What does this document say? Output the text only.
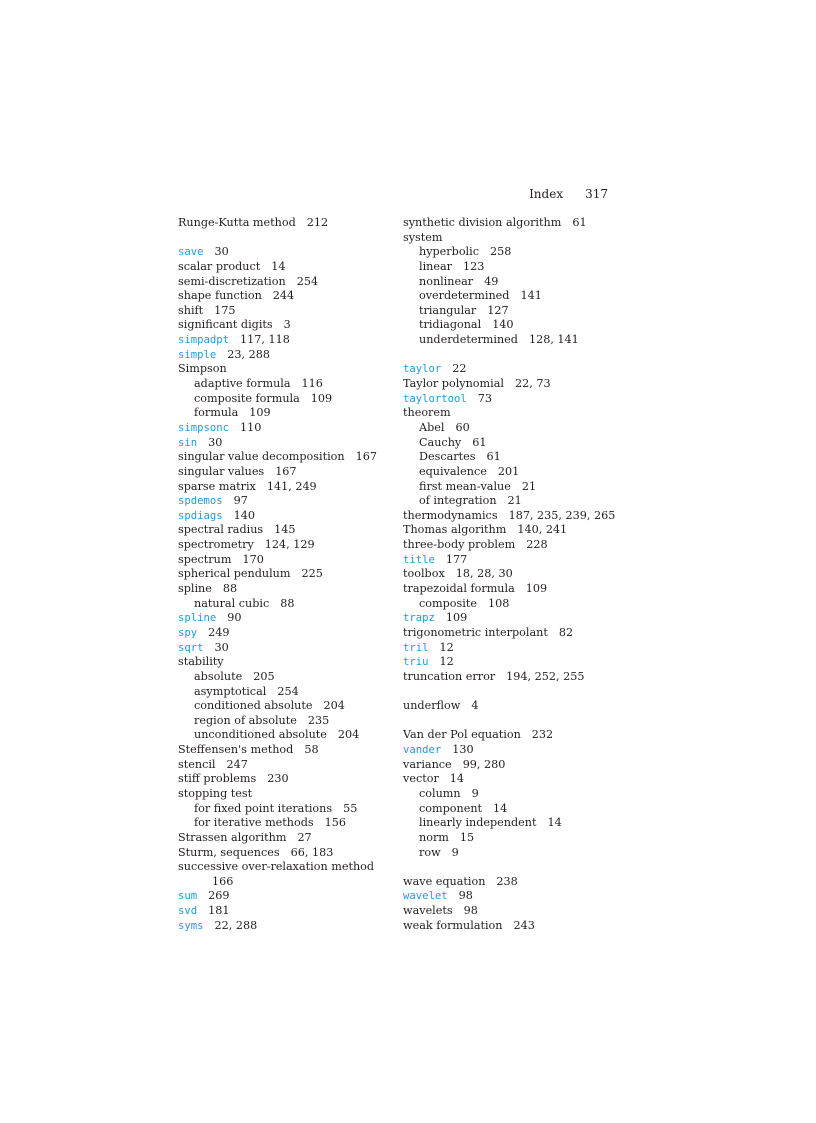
Index 317
Runge-Kutta method 212
save 30
scalar product 14
semi-discretization 254
shape function 244
shift 175
significant digits 3
simpadpt 117, 118
simple 23, 288
Simpson
adaptive formula 116
composite formula 109
formula 109
simpsonc 110
sin 30
singular value decomposition 167
singular values 167
sparse matrix 141, 249
spdemos 97
spdiags 140
spectral radius 145
spectrometry 124, 129
spectrum 170
spherical pendulum 225
spline 88
natural cubic 88
spline 90
spy 249
sqrt 30
stability
absolute 205
asymptotical 254
conditioned absolute 204
region of absolute 235
unconditioned absolute 204
Steffensen's method 58
stencil 247
stiff problems 230
stopping test
for fixed point iterations 55
for iterative methods 156
Strassen algorithm 27
Sturm, sequences 66, 183
successive over-relaxation method
166
sum 269
svd 181
syms 22, 288
synthetic division algorithm 61
system
hyperbolic 258
linear 123
nonlinear 49
overdetermined 141
triangular 127
tridiagonal 140
underdetermined 128, 141
taylor 22
Taylor polynomial 22, 73
taylortool 73
theorem
Abel 60
Cauchy 61
Descartes 61
equivalence 201
first mean-value 21
of integration 21
thermodynamics 187, 235, 239, 265
Thomas algorithm 140, 241
three-body problem 228
title 177
toolbox 18, 28, 30
trapezoidal formula 109
composite 108
trapz 109
trigonometric interpolant 82
tril 12
triu 12
truncation error 194, 252, 255
underflow 4
Van der Pol equation 232
vander 130
variance 99, 280
vector 14
column 9
component 14
linearly independent 14
norm 15
row 9
wave equation 238
wavelet 98
wavelets 98
weak formulation 243
